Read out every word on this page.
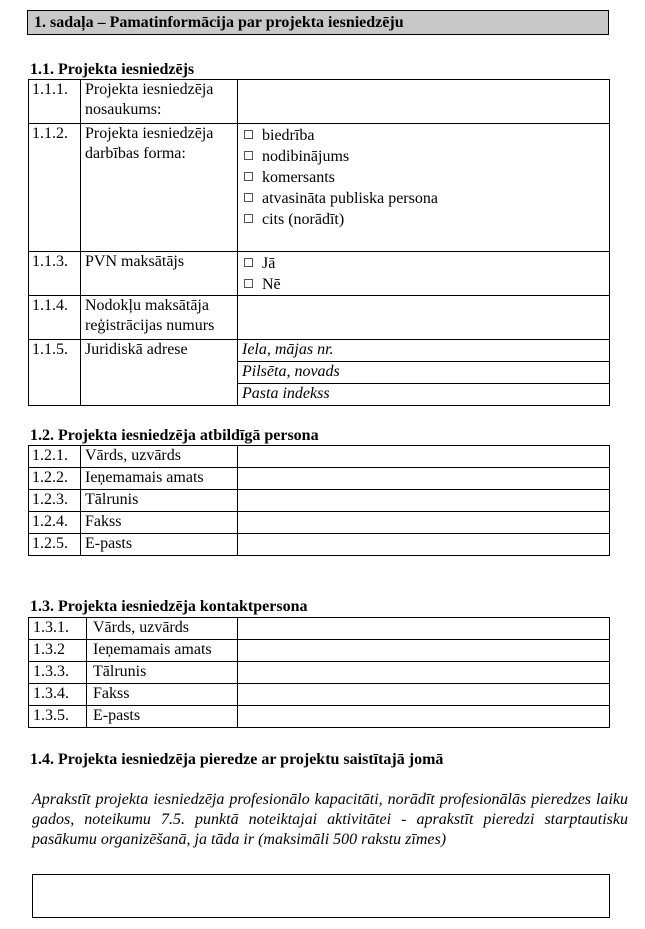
1. sadaļa – Pamatinformācija par projekta iesniedzēju
1.1. Projekta iesniedzējs
1.1.1.	Projekta iesniedzēja nosaukums:	
1.1.2.	Projekta iesniedzēja darbības forma:	biedrība
nodibinājums
komersants
atvasināta publiska persona
cits (norādīt)

1.1.3.	PVN maksātājs	Jā
Nē

1.1.4.	Nodokļu maksātāja reģistrācijas numurs	
1.1.5.	Juridiskā adrese	Iela, mājas nr.
		Pilsēta, novads
		Pasta indekss
1.2. Projekta iesniedzēja atbildīgā persona
1.2.1.	Vārds, uzvārds	
1.2.2.	Ieņemamais amats	
1.2.3.	Tālrunis	
1.2.4.	Fakss	
1.2.5.	E-pasts	
1.3. Projekta iesniedzēja kontaktpersona
1.3.1.	Vārds, uzvārds	
1.3.2	Ieņemamais amats	
1.3.3.	Tālrunis	
1.3.4.	Fakss	
1.3.5.	E-pasts	
1.4. Projekta iesniedzēja pieredze ar projektu saistītajā jomā
Aprakstīt projekta iesniedzēja profesionālo kapacitāti, norādīt profesionālās pieredzes laiku gados, noteikumu 7.5. punktā noteiktajai aktivitātei - aprakstīt pieredzi starptautisku pasākumu organizēšanā, ja tāda ir (maksimāli 500 rakstu zīmes)
